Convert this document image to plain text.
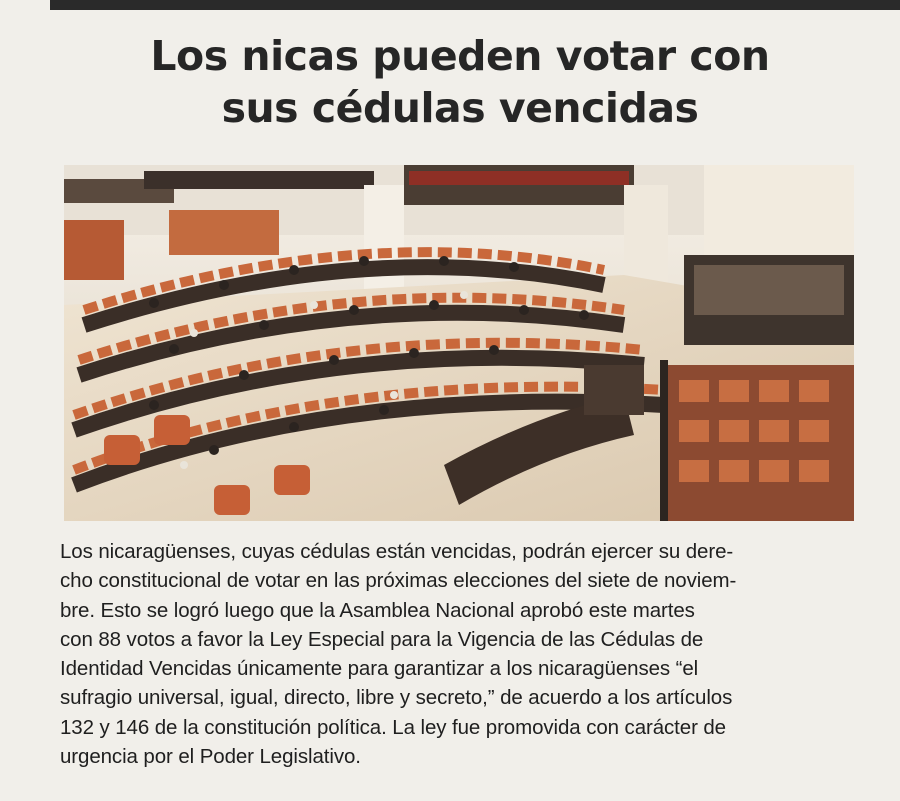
Los nicas pueden votar con
sus cédulas vencidas

Los nicaragüenses, cuyas cédulas están vencidas, podrán ejercer su dere-
cho constitucional de votar en las próximas elecciones del siete de noviem-
bre. Esto se logró luego que la Asamblea Nacional aprobó este martes
con 88 votos a favor la Ley Especial para la Vigencia de las Cédulas de
Identidad Vencidas únicamente para garantizar a los nicaragüenses “el
sufragio universal, igual, directo, libre y secreto,” de acuerdo a los artículos
132 y 146 de la constitución política. La ley fue promovida con carácter de
urgencia por el Poder Legislativo.
